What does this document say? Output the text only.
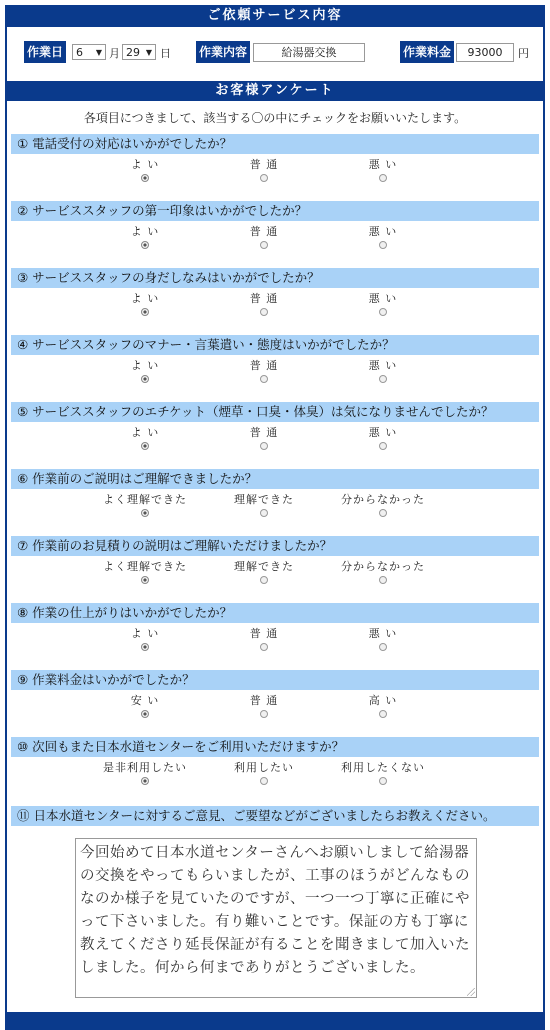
ご依頼サービス内容
作業日	6 ▼ 月 29 ▼ 日 作業内容	給湯器交換	作業料金	93000	円
お客様アンケート
各項目につきまして、該当する〇の中にチェックをお願いいたします。
① 電話受付の対応はいかがでしたか？
よ い	普 通	悪 い
② サービススタッフの第一印象はいかがでしたか？
よ い	普 通	悪 い
③ サービススタッフの身だしなみはいかがでしたか？
よ い	普 通	悪 い
④ サービススタッフのマナー・言葉遣い・態度はいかがでしたか？
よ い	普 通	悪 い
⑤ サービススタッフのエチケット（煙草・口臭・体臭）は気になりませんでしたか？
よ い	普 通	悪 い
⑥ 作業前のご説明はご理解できましたか？
よく理解できた	理解できた	分からなかった
⑦ 作業前のお見積りの説明はご理解いただけましたか？
よく理解できた	理解できた	分からなかった
⑧ 作業の仕上がりはいかがでしたか？
よ い	普 通	悪 い
⑨ 作業料金はいかがでしたか？
安 い	普 通	高 い
⑩ 次回もまた日本水道センターをご利用いただけますか？
是非利用したい	利用したい	利用したくない
⑪ 日本水道センターに対するご意見、ご要望などがございましたらお教えください。
今回始めて日本水道センターさんへお願いしまして給湯器の交換をやってもらいましたが、工事のほうがどんなものなのか様子を見ていたのですが、一つ一つ丁寧に正確にやって下さいました。有り難いことです。保証の方も丁寧に教えてくださり延長保証が有ることを聞きまして加入いたしました。何から何までありがとうございました。
